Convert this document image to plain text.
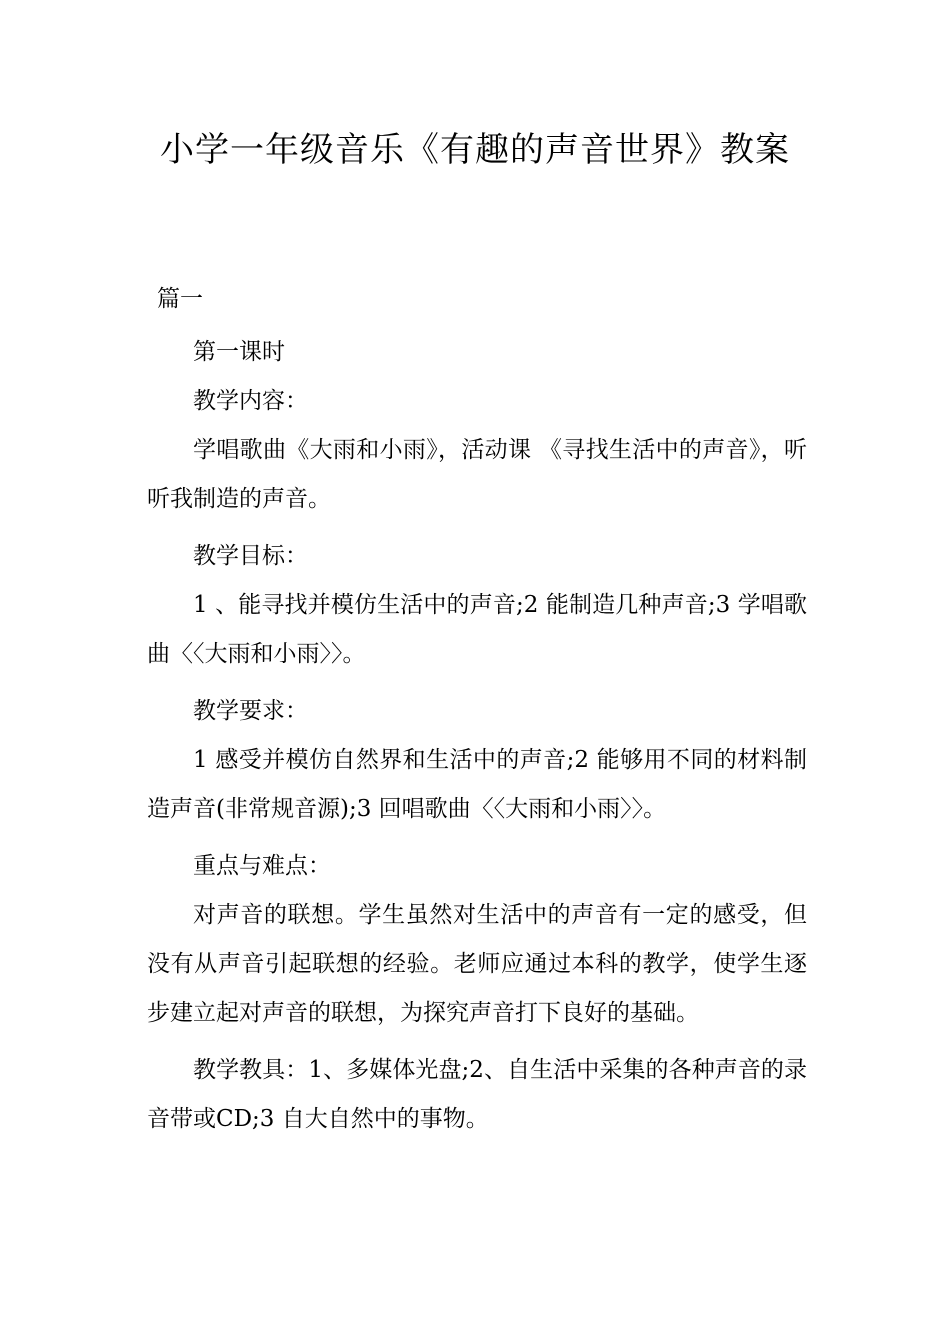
小学一年级音乐《有趣的声音世界》教案
篇一

第一课时

教学内容：

学唱歌曲《大雨和小雨》，活动课 《寻找生活中的声音》，听听我制造的声音。

教学目标：

1 、能寻找并模仿生活中的声音;2 能制造几种声音;3 学唱歌曲〈〈大雨和小雨〉〉。

教学要求：

1 感受并模仿自然界和生活中的声音;2 能够用不同的材料制造声音(非常规音源);3 回唱歌曲〈〈大雨和小雨〉〉。

重点与难点：

对声音的联想。学生虽然对生活中的声音有一定的感受，但没有从声音引起联想的经验。老师应通过本科的教学，使学生逐步建立起对声音的联想，为探究声音打下良好的基础。

教学教具：1、多媒体光盘;2、自生活中采集的各种声音的录音带或CD;3 自大自然中的事物。
